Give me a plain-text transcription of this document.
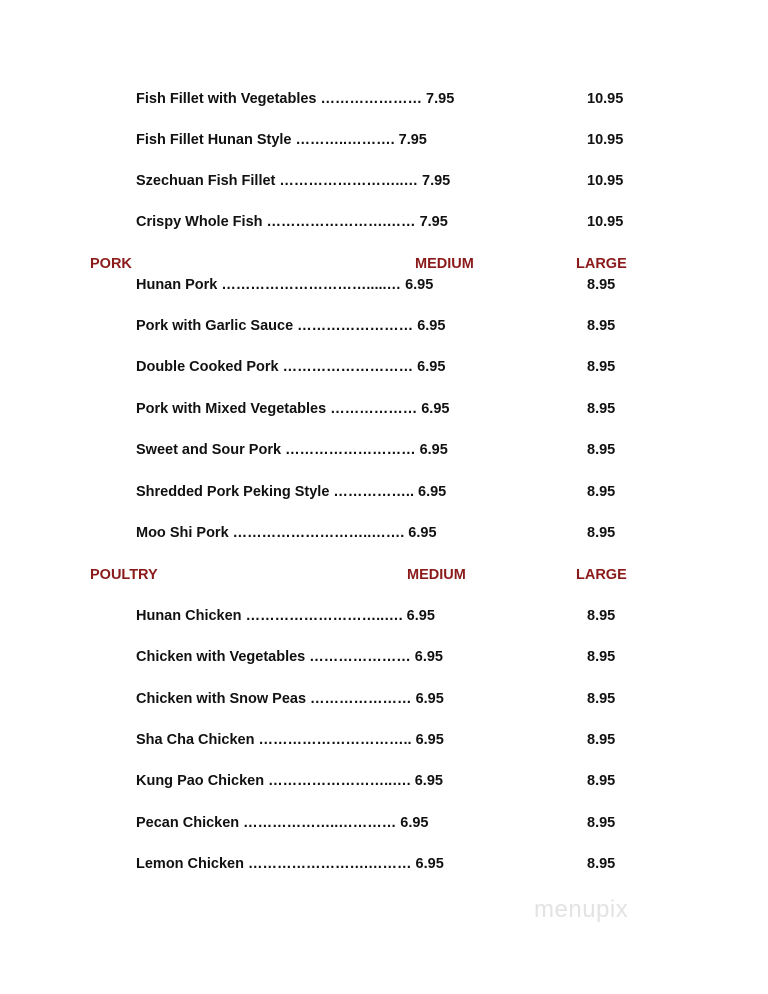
Fish Fillet with Vegetables ………………… 7.95	10.95
Fish Fillet Hunan Style ………..………. 7.95	10.95
Szechuan Fish Fillet ……………………..… 7.95	10.95
Crispy Whole Fish …………………….…… 7.95	10.95
PORK	MEDIUM	LARGE
Hunan Pork ………………………….....… 6.95	8.95
Pork with Garlic Sauce …………………… 6.95	8.95
Double Cooked Pork ……………………… 6.95	8.95
Pork with Mixed Vegetables ……………… 6.95	8.95
Sweet and Sour Pork ……………………… 6.95	8.95
Shredded Pork Peking Style …………….. 6.95	8.95
Moo Shi Pork ………………………..……. 6.95	8.95
POULTRY	MEDIUM	LARGE
Hunan Chicken ………………………..…. 6.95	8.95
Chicken with Vegetables ………………… 6.95	8.95
Chicken with Snow Peas ………………… 6.95	8.95
Sha Cha Chicken ………………………….. 6.95	8.95
Kung Pao Chicken ……………………..…. 6.95	8.95
Pecan Chicken ………………..………… 6.95	8.95
Lemon Chicken …………………….……… 6.95	8.95
menupix
